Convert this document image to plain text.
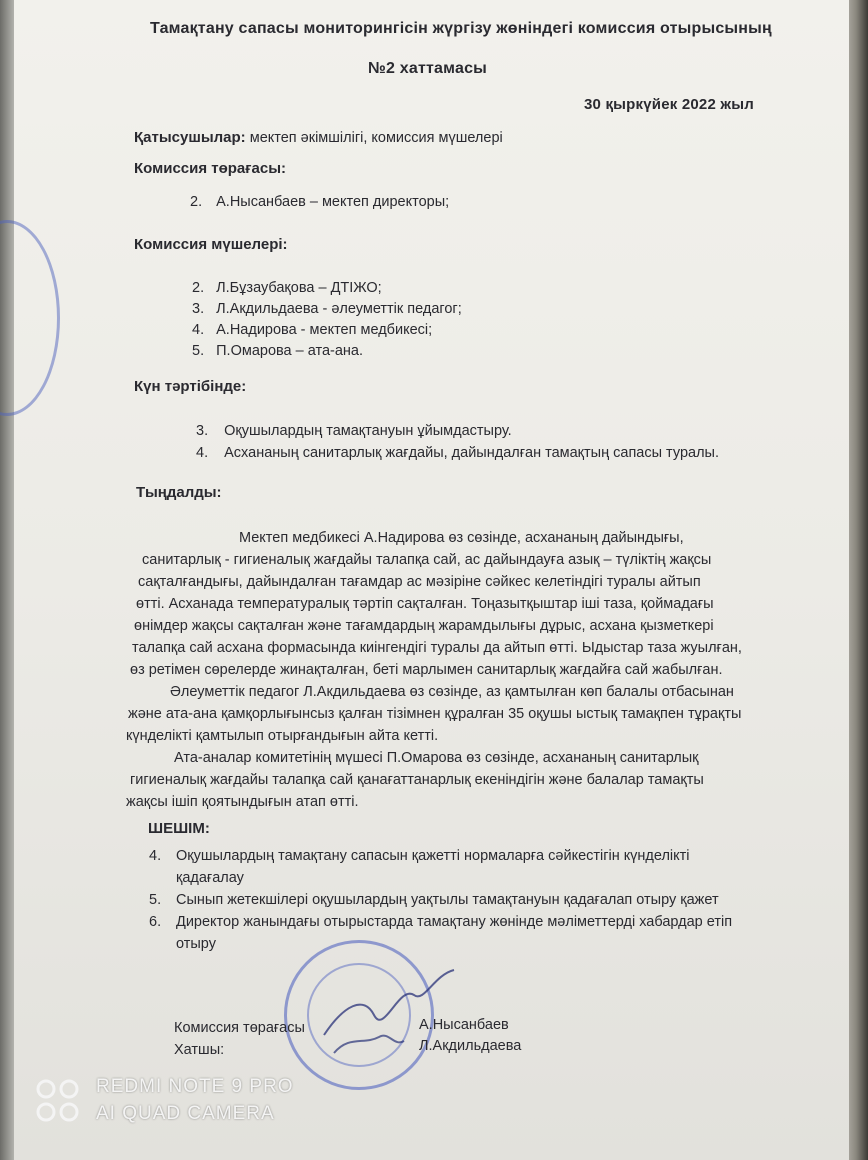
Тамақтану сапасы мониторингісін жүргізу жөніндегі комиссия отырысының
№2 хаттамасы
30 қыркүйек 2022 жыл
Қатысушылар: мектеп әкімшілігі, комиссия мүшелері
Комиссия төрағасы:
2. А.Нысанбаев – мектеп директоры;
Комиссия мүшелері:
2. Л.Бұзаубақова – ДТІЖО;
3. Л.Акдильдаева - әлеуметтік педагог;
4. А.Надирова - мектеп медбикесі;
5. П.Омарова – ата-ана.
Күн тәртібінде:
3. Оқушылардың тамақтануын ұйымдастыру.
4. Асхананың санитарлық жағдайы, дайындалған тамақтың сапасы туралы.
Тыңдалды:
Мектеп медбикесі А.Надирова өз сөзінде, асхананың дайындығы,
санитарлық - гигиеналық жағдайы талапқа сай, ас дайындауға азық – түліктің жақсы
сақталғандығы, дайындалған тағамдар ас мәзіріне сәйкес келетіндігі туралы айтып
өтті. Асханада температуралық тәртіп сақталған. Тоңазытқыштар іші таза, қоймадағы
өнімдер жақсы сақталған және тағамдардың жарамдылығы дұрыс, асхана қызметкері
талапқа сай асхана формасында киінгендігі туралы да айтып өтті. Ыдыстар таза жуылған,
өз ретімен сөрелерде жинақталған, беті марлымен санитарлық жағдайға сай жабылған.
Әлеуметтік педагог Л.Акдильдаева өз сөзінде, аз қамтылған көп балалы отбасынан
және ата-ана қамқорлығынсыз қалған тізімнен құралған 35 оқушы ыстық тамақпен тұрақты
күнделікті қамтылып отырғандығын айта кетті.
Ата-аналар комитетінің мүшесі П.Омарова өз сөзінде, асхананың санитарлық
гигиеналық жағдайы талапқа сай қанағаттанарлық екеніндігін және балалар тамақты
жақсы ішіп қоятындығын атап өтті.
ШЕШІМ:
4. Оқушылардың тамақтану сапасын қажетті нормаларға сәйкестігін күнделікті
қадағалау
5. Сынып жетекшілері оқушылардың уақтылы тамақтануын қадағалап отыру қажет
6. Директор жанындағы отырыстарда тамақтану жөнінде мәліметтерді хабардар етіп
отыру
Комиссия төрағасы	А.Нысанбаев
Хатшы:	Л.Акдильдаева
REDMI NOTE 9 PRO
AI QUAD CAMERA
